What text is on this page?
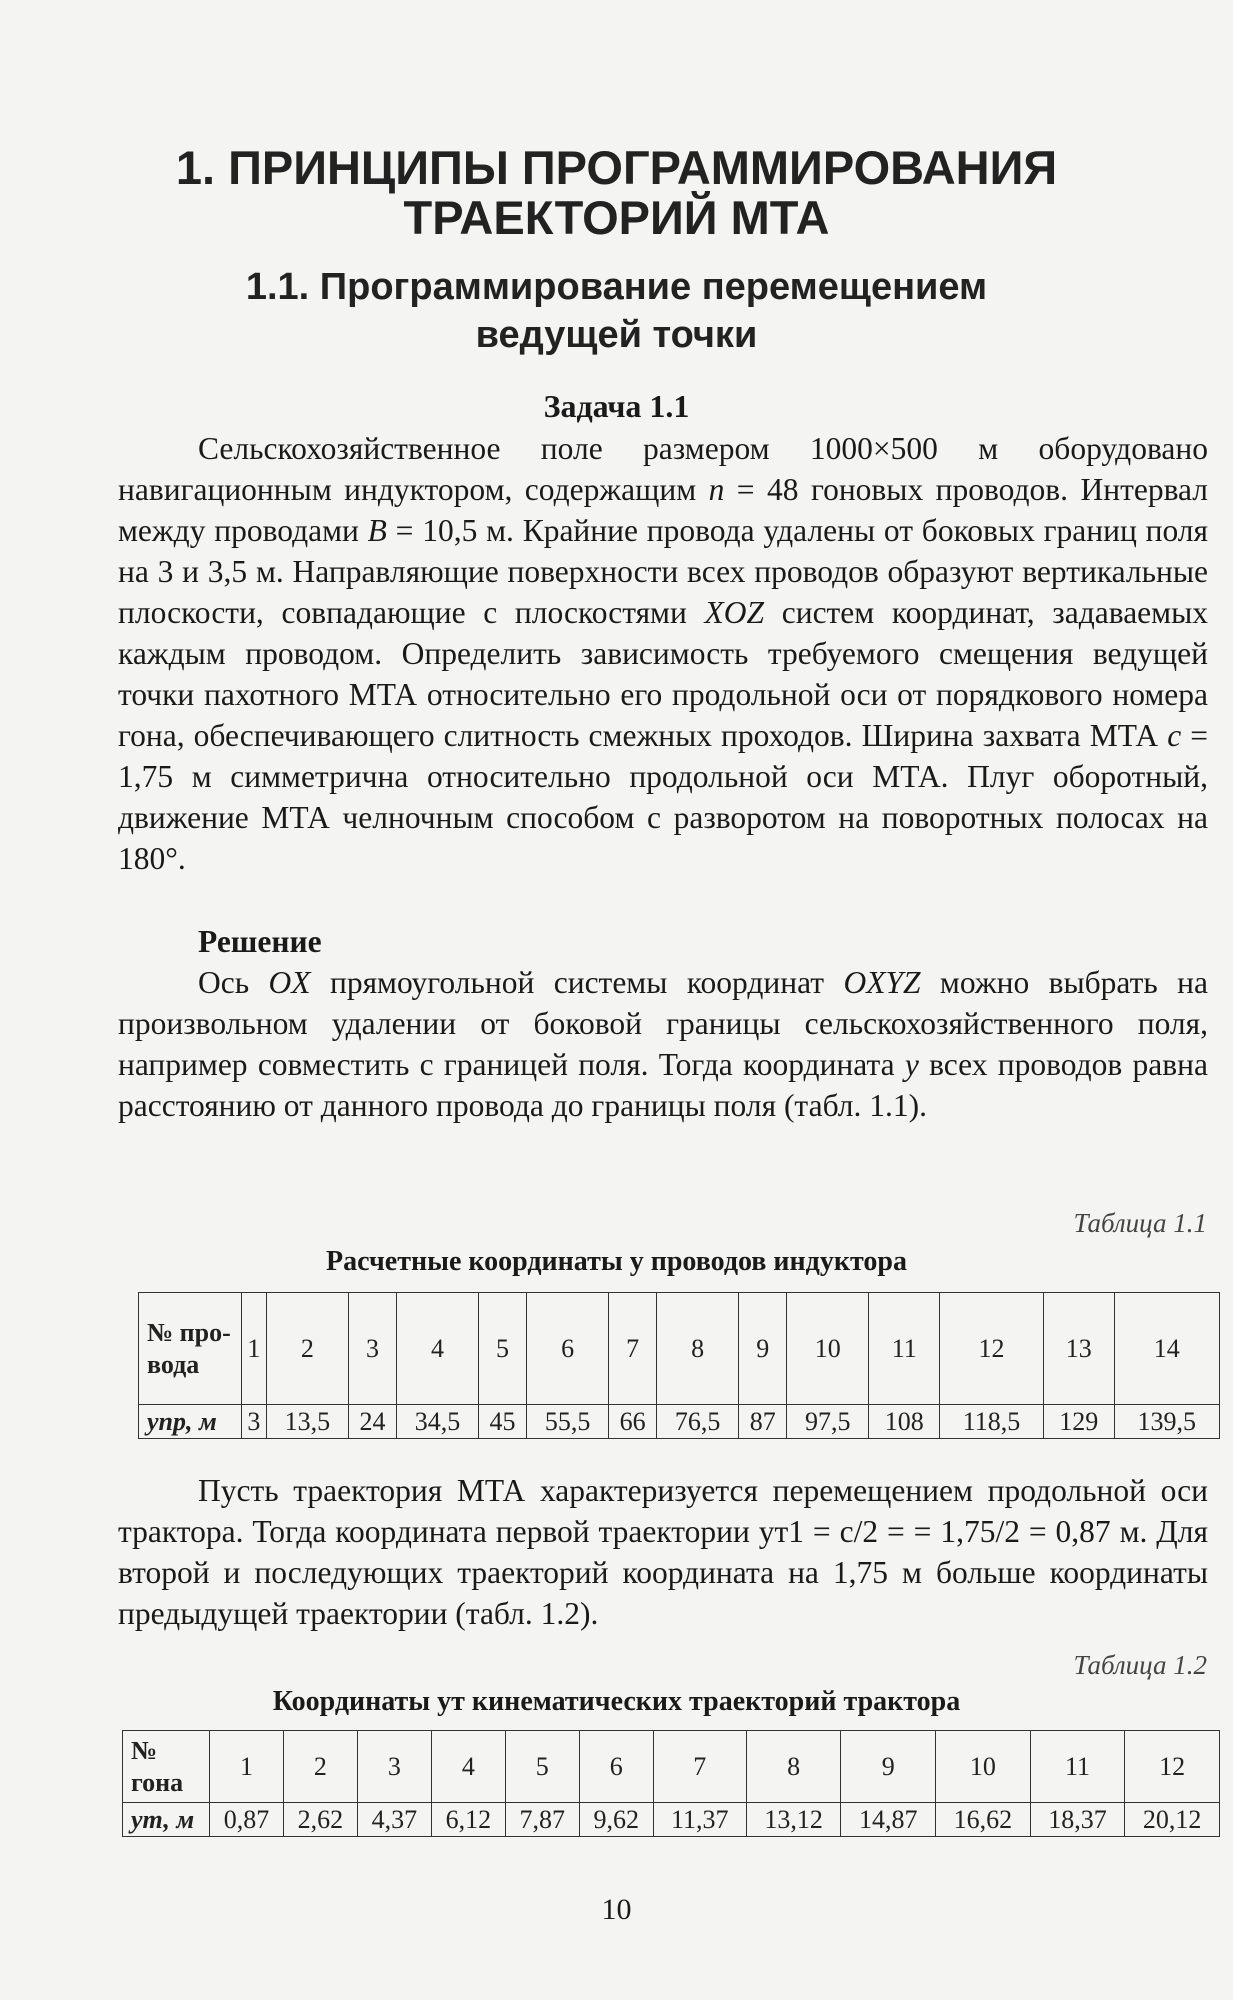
1. ПРИНЦИПЫ ПРОГРАММИРОВАНИЯ
ТРАЕКТОРИЙ МТА
1.1. Программирование перемещением
ведущей точки
Задача 1.1

Сельскохозяйственное поле размером 1000×500 м оборудовано навигационным индуктором, содержащим n = 48 гоновых проводов. Интервал между проводами B = 10,5 м. Крайние провода удалены от боковых границ поля на 3 и 3,5 м. Направляющие поверхности всех проводов образуют вертикальные плоскости, совпадающие с плоскостями XOZ систем координат, задаваемых каждым проводом. Определить зависимость требуемого смещения ведущей точки пахотного МТА относительно его продольной оси от порядкового номера гона, обеспечивающего слитность смежных проходов. Ширина захвата МТА c = 1,75 м симметрична относительно продольной оси МТА. Плуг оборотный, движение МТА челночным способом с разворотом на поворотных полосах на 180°.

Решение

Ось OX прямоугольной системы координат OXYZ можно выбрать на произвольном удалении от боковой границы сельскохозяйственного поля, например совместить с границей поля. Тогда координата y всех проводов равна расстоянию от данного провода до границы поля (табл. 1.1).

Таблица 1.1
Расчетные координаты y проводов индуктора
№ про-вода	1	2	3	4	5	6	7	8	9	10	11	12	13	14
yпр, м	3	13,5	24	34,5	45	55,5	66	76,5	87	97,5	108	118,5	129	139,5

Пусть траектория МТА характеризуется перемещением продольной оси трактора. Тогда координата первой траектории yт1 = c/2 = = 1,75/2 = 0,87 м. Для второй и последующих траекторий координата на 1,75 м больше координаты предыдущей траектории (табл. 1.2).

Таблица 1.2
Координаты yт кинематических траекторий трактора
№ гона	1	2	3	4	5	6	7	8	9	10	11	12
yт, м	0,87	2,62	4,37	6,12	7,87	9,62	11,37	13,12	14,87	16,62	18,37	20,12
10
